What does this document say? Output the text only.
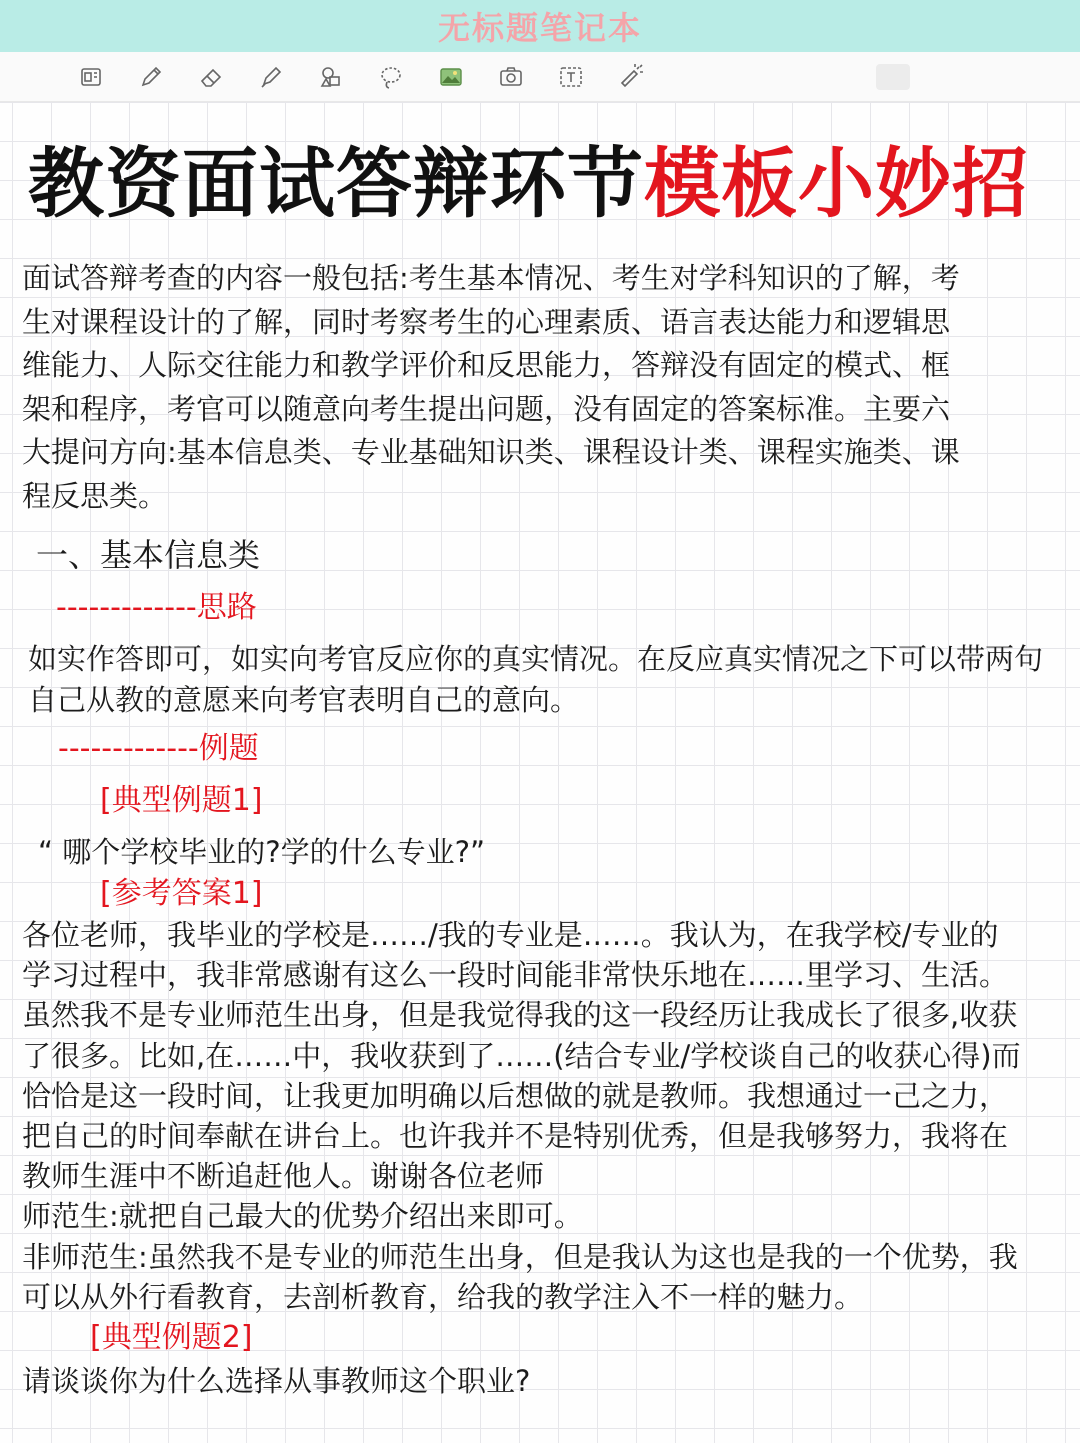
无标题笔记本
教资面试答辩环节模板小妙招
面试答辩考查的内容一般包括:考生基本情况、考生对学科知识的了解，考
生对课程设计的了解，同时考察考生的心理素质、语言表达能力和逻辑思
维能力、人际交往能力和教学评价和反思能力，答辩没有固定的模式、框
架和程序，考官可以随意向考生提出问题，没有固定的答案标准。主要六
大提问方向:基本信息类、专业基础知识类、课程设计类、课程实施类、课
程反思类。
一、基本信息类
-------------思路
如实作答即可，如实向考官反应你的真实情况。在反应真实情况之下可以带两句
自己从教的意愿来向考官表明自己的意向。
-------------例题
[典型例题1]
“ 哪个学校毕业的?学的什么专业?”
[参考答案1]
各位老师，我毕业的学校是……/我的专业是……。我认为，在我学校/专业的
学习过程中，我非常感谢有这么一段时间能非常快乐地在……里学习、生活。
虽然我不是专业师范生出身，但是我觉得我的这一段经历让我成长了很多,收获
了很多。比如,在……中，我收获到了……(结合专业/学校谈自己的收获心得)而
恰恰是这一段时间，让我更加明确以后想做的就是教师。我想通过一己之力，
把自己的时间奉献在讲台上。也许我并不是特别优秀，但是我够努力，我将在
教师生涯中不断追赶他人。谢谢各位老师
师范生:就把自己最大的优势介绍出来即可。
非师范生:虽然我不是专业的师范生出身，但是我认为这也是我的一个优势，我
可以从外行看教育，去剖析教育，给我的教学注入不一样的魅力。
[典型例题2]
请谈谈你为什么选择从事教师这个职业?
